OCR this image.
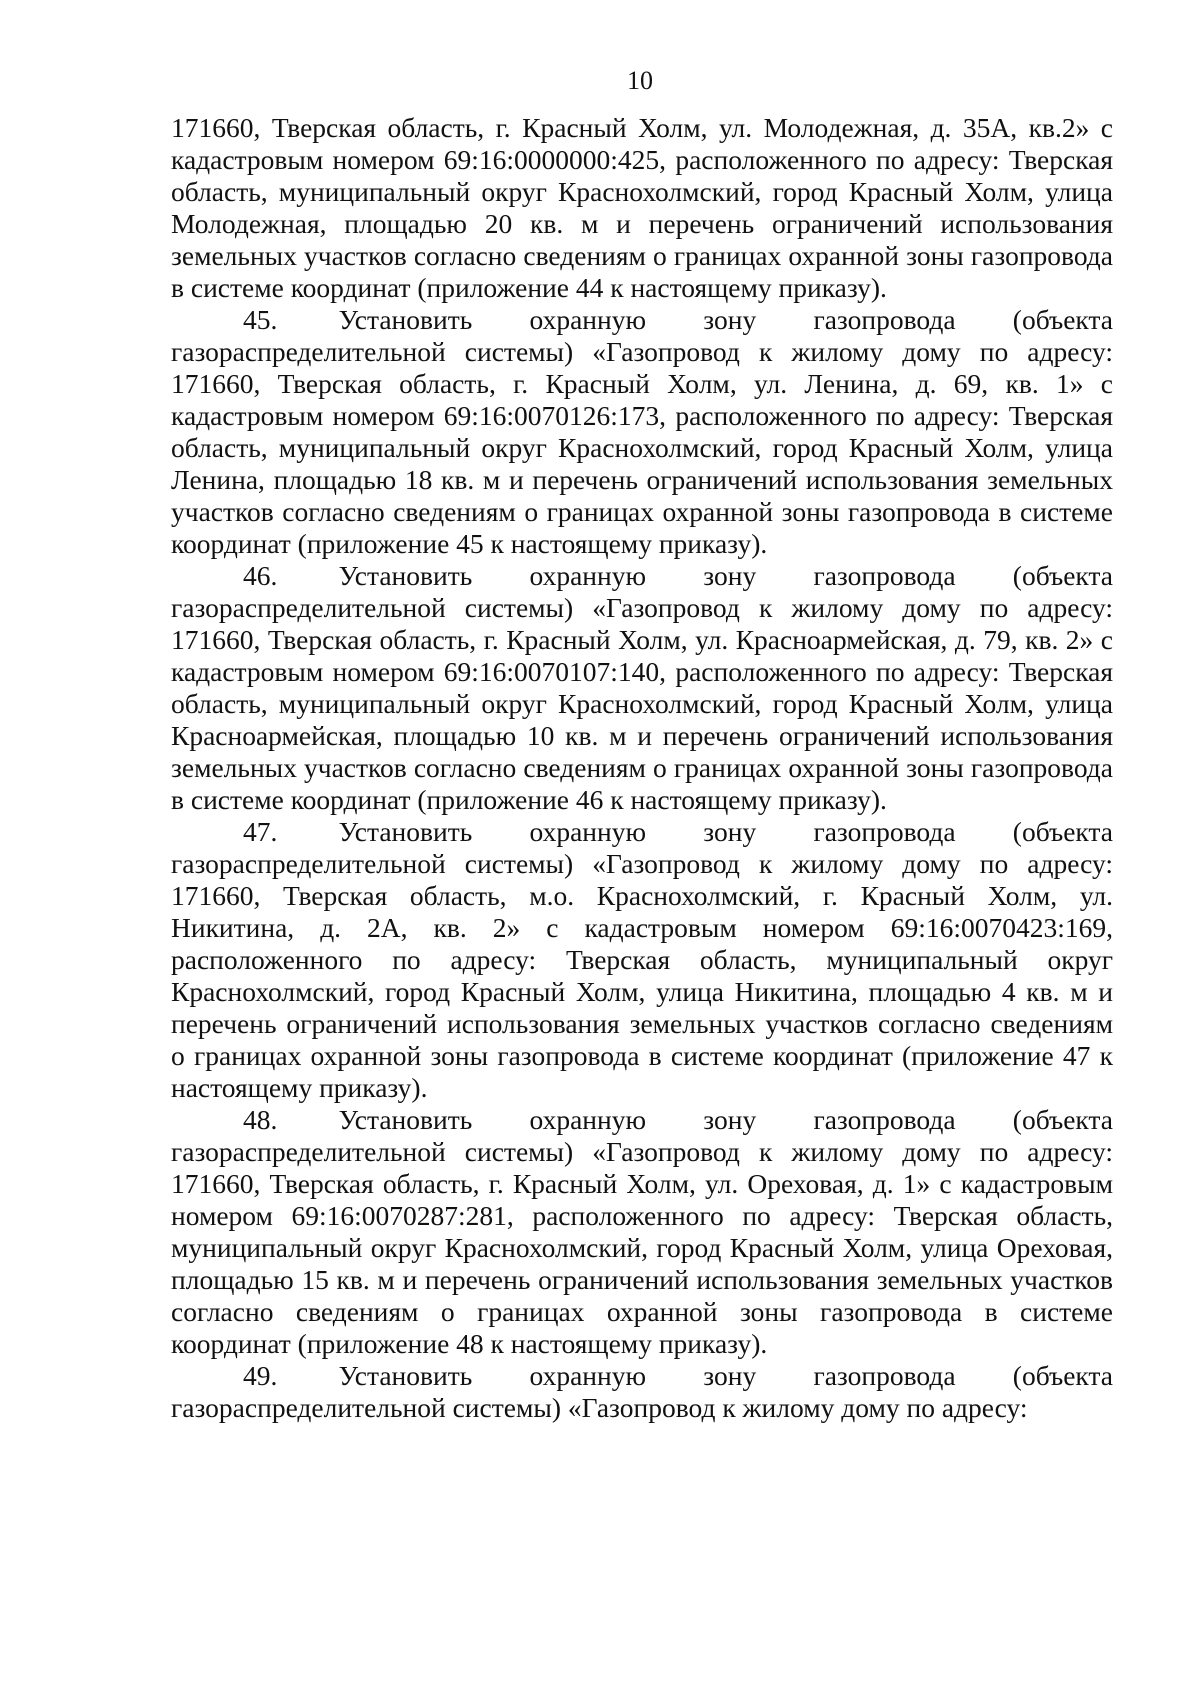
10

171660, Тверская область, г. Красный Холм, ул. Молодежная, д. 35А, кв.2» с кадастровым номером 69:16:0000000:425, расположенного по адресу: Тверская область, муниципальный округ Краснохолмский, город Красный Холм, улица Молодежная, площадью 20 кв. м и перечень ограничений использования земельных участков согласно сведениям о границах охранной зоны газопровода в системе координат (приложение 44 к настоящему приказу).

45. Установить охранную зону газопровода (объекта газораспределительной системы) «Газопровод к жилому дому по адресу: 171660, Тверская область, г. Красный Холм, ул. Ленина, д. 69, кв. 1» с кадастровым номером 69:16:0070126:173, расположенного по адресу: Тверская область, муниципальный округ Краснохолмский, город Красный Холм, улица Ленина, площадью 18 кв. м и перечень ограничений использования земельных участков согласно сведениям о границах охранной зоны газопровода в системе координат (приложение 45 к настоящему приказу).

46. Установить охранную зону газопровода (объекта газораспределительной системы) «Газопровод к жилому дому по адресу: 171660, Тверская область, г. Красный Холм, ул. Красноармейская, д. 79, кв. 2» с кадастровым номером 69:16:0070107:140, расположенного по адресу: Тверская область, муниципальный округ Краснохолмский, город Красный Холм, улица Красноармейская, площадью 10 кв. м и перечень ограничений использования земельных участков согласно сведениям о границах охранной зоны газопровода в системе координат (приложение 46 к настоящему приказу).

47. Установить охранную зону газопровода (объекта газораспределительной системы) «Газопровод к жилому дому по адресу: 171660, Тверская область, м.о. Краснохолмский, г. Красный Холм, ул. Никитина, д. 2А, кв. 2» с кадастровым номером 69:16:0070423:169, расположенного по адресу: Тверская область, муниципальный округ Краснохолмский, город Красный Холм, улица Никитина, площадью 4 кв. м и перечень ограничений использования земельных участков согласно сведениям о границах охранной зоны газопровода в системе координат (приложение 47 к настоящему приказу).

48. Установить охранную зону газопровода (объекта газораспределительной системы) «Газопровод к жилому дому по адресу: 171660, Тверская область, г. Красный Холм, ул. Ореховая, д. 1» с кадастровым номером 69:16:0070287:281, расположенного по адресу: Тверская область, муниципальный округ Краснохолмский, город Красный Холм, улица Ореховая, площадью 15 кв. м и перечень ограничений использования земельных участков согласно сведениям о границах охранной зоны газопровода в системе координат (приложение 48 к настоящему приказу).

49. Установить охранную зону газопровода (объекта газораспределительной системы) «Газопровод к жилому дому по адресу:
